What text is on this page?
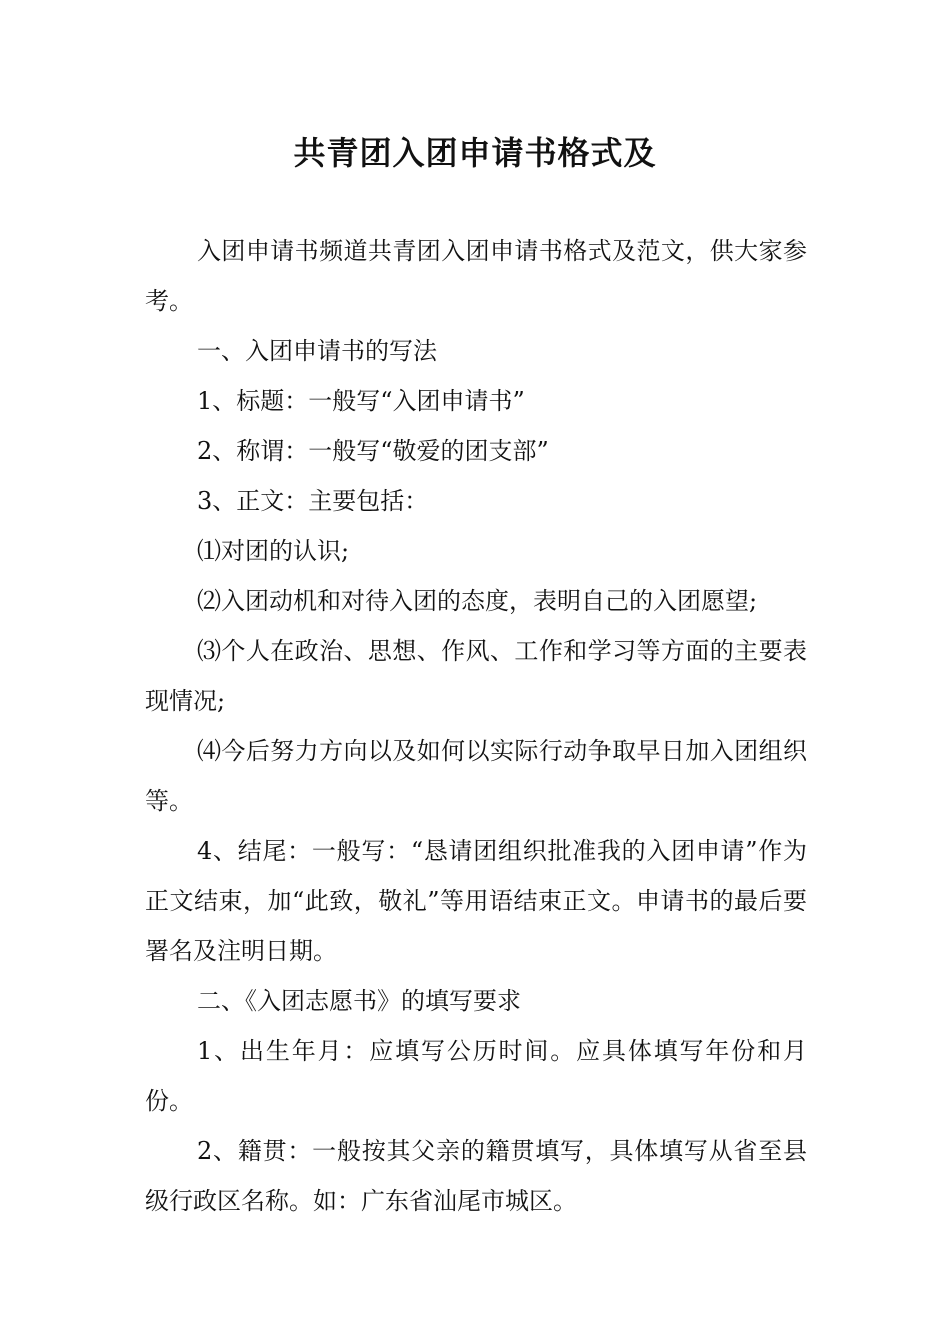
共青团入团申请书格式及

入团申请书频道共青团入团申请书格式及范文，供大家参考。

一、入团申请书的写法

1、标题：一般写“入团申请书”

2、称谓：一般写“敬爱的团支部”

3、正文：主要包括：

⑴对团的认识;

⑵入团动机和对待入团的态度，表明自己的入团愿望;

⑶个人在政治、思想、作风、工作和学习等方面的主要表现情况;

⑷今后努力方向以及如何以实际行动争取早日加入团组织等。

4、结尾：一般写：“恳请团组织批准我的入团申请”作为正文结束，加“此致，敬礼”等用语结束正文。申请书的最后要署名及注明日期。

二、《入团志愿书》的填写要求

1、出生年月：应填写公历时间。应具体填写年份和月份。

2、籍贯：一般按其父亲的籍贯填写，具体填写从省至县级行政区名称。如：广东省汕尾市城区。
